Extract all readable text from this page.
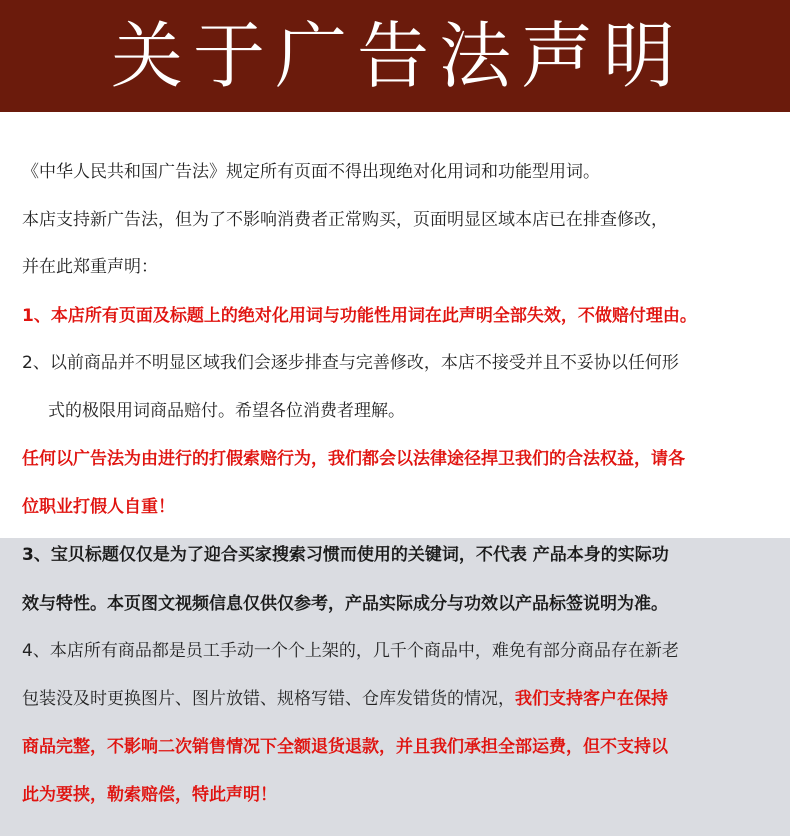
关于广告法声明
《中华人民共和国广告法》规定所有页面不得出现绝对化用词和功能型用词。
本店支持新广告法，但为了不影响消费者正常购买，页面明显区域本店已在排查修改，
并在此郑重声明：
1、本店所有页面及标题上的绝对化用词与功能性用词在此声明全部失效，不做赔付理由。
2、以前商品并不明显区域我们会逐步排查与完善修改，本店不接受并且不妥协以任何形
式的极限用词商品赔付。希望各位消费者理解。
任何以广告法为由进行的打假索赔行为，我们都会以法律途径捍卫我们的合法权益，请各
位职业打假人自重！
3、宝贝标题仅仅是为了迎合买家搜索习惯而使用的关键词，不代表 产品本身的实际功
效与特性。本页图文视频信息仅供仅参考，产品实际成分与功效以产品标签说明为准。
4、本店所有商品都是员工手动一个个上架的，几千个商品中，难免有部分商品存在新老
包装没及时更换图片、图片放错、规格写错、仓库发错货的情况，我们支持客户在保持
商品完整，不影响二次销售情况下全额退货退款，并且我们承担全部运费，但不支持以
此为要挟，勒索赔偿，特此声明！
